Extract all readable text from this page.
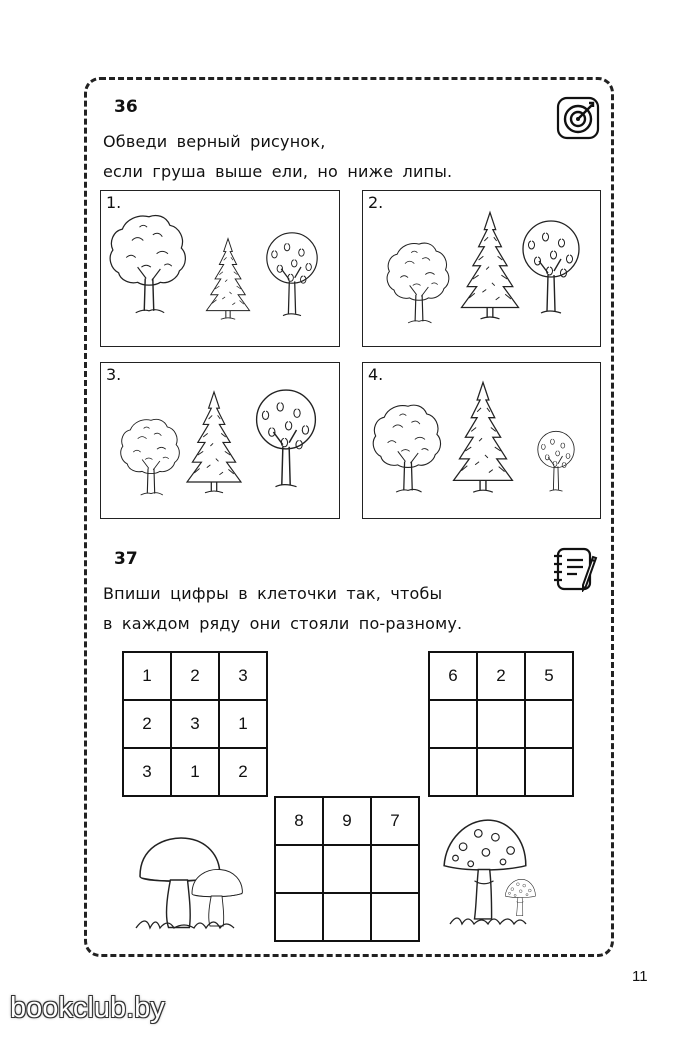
36
Обведи верный рисунок,
если груша выше ели, но ниже липы.
1.	2.
3.	4.
37
Впиши цифры в клеточки так, чтобы
в каждом ряду они стояли по-разному.
1	2	3
2	3	1
3	1	2
6	2	5

8	9	7

11
bookclub.by
